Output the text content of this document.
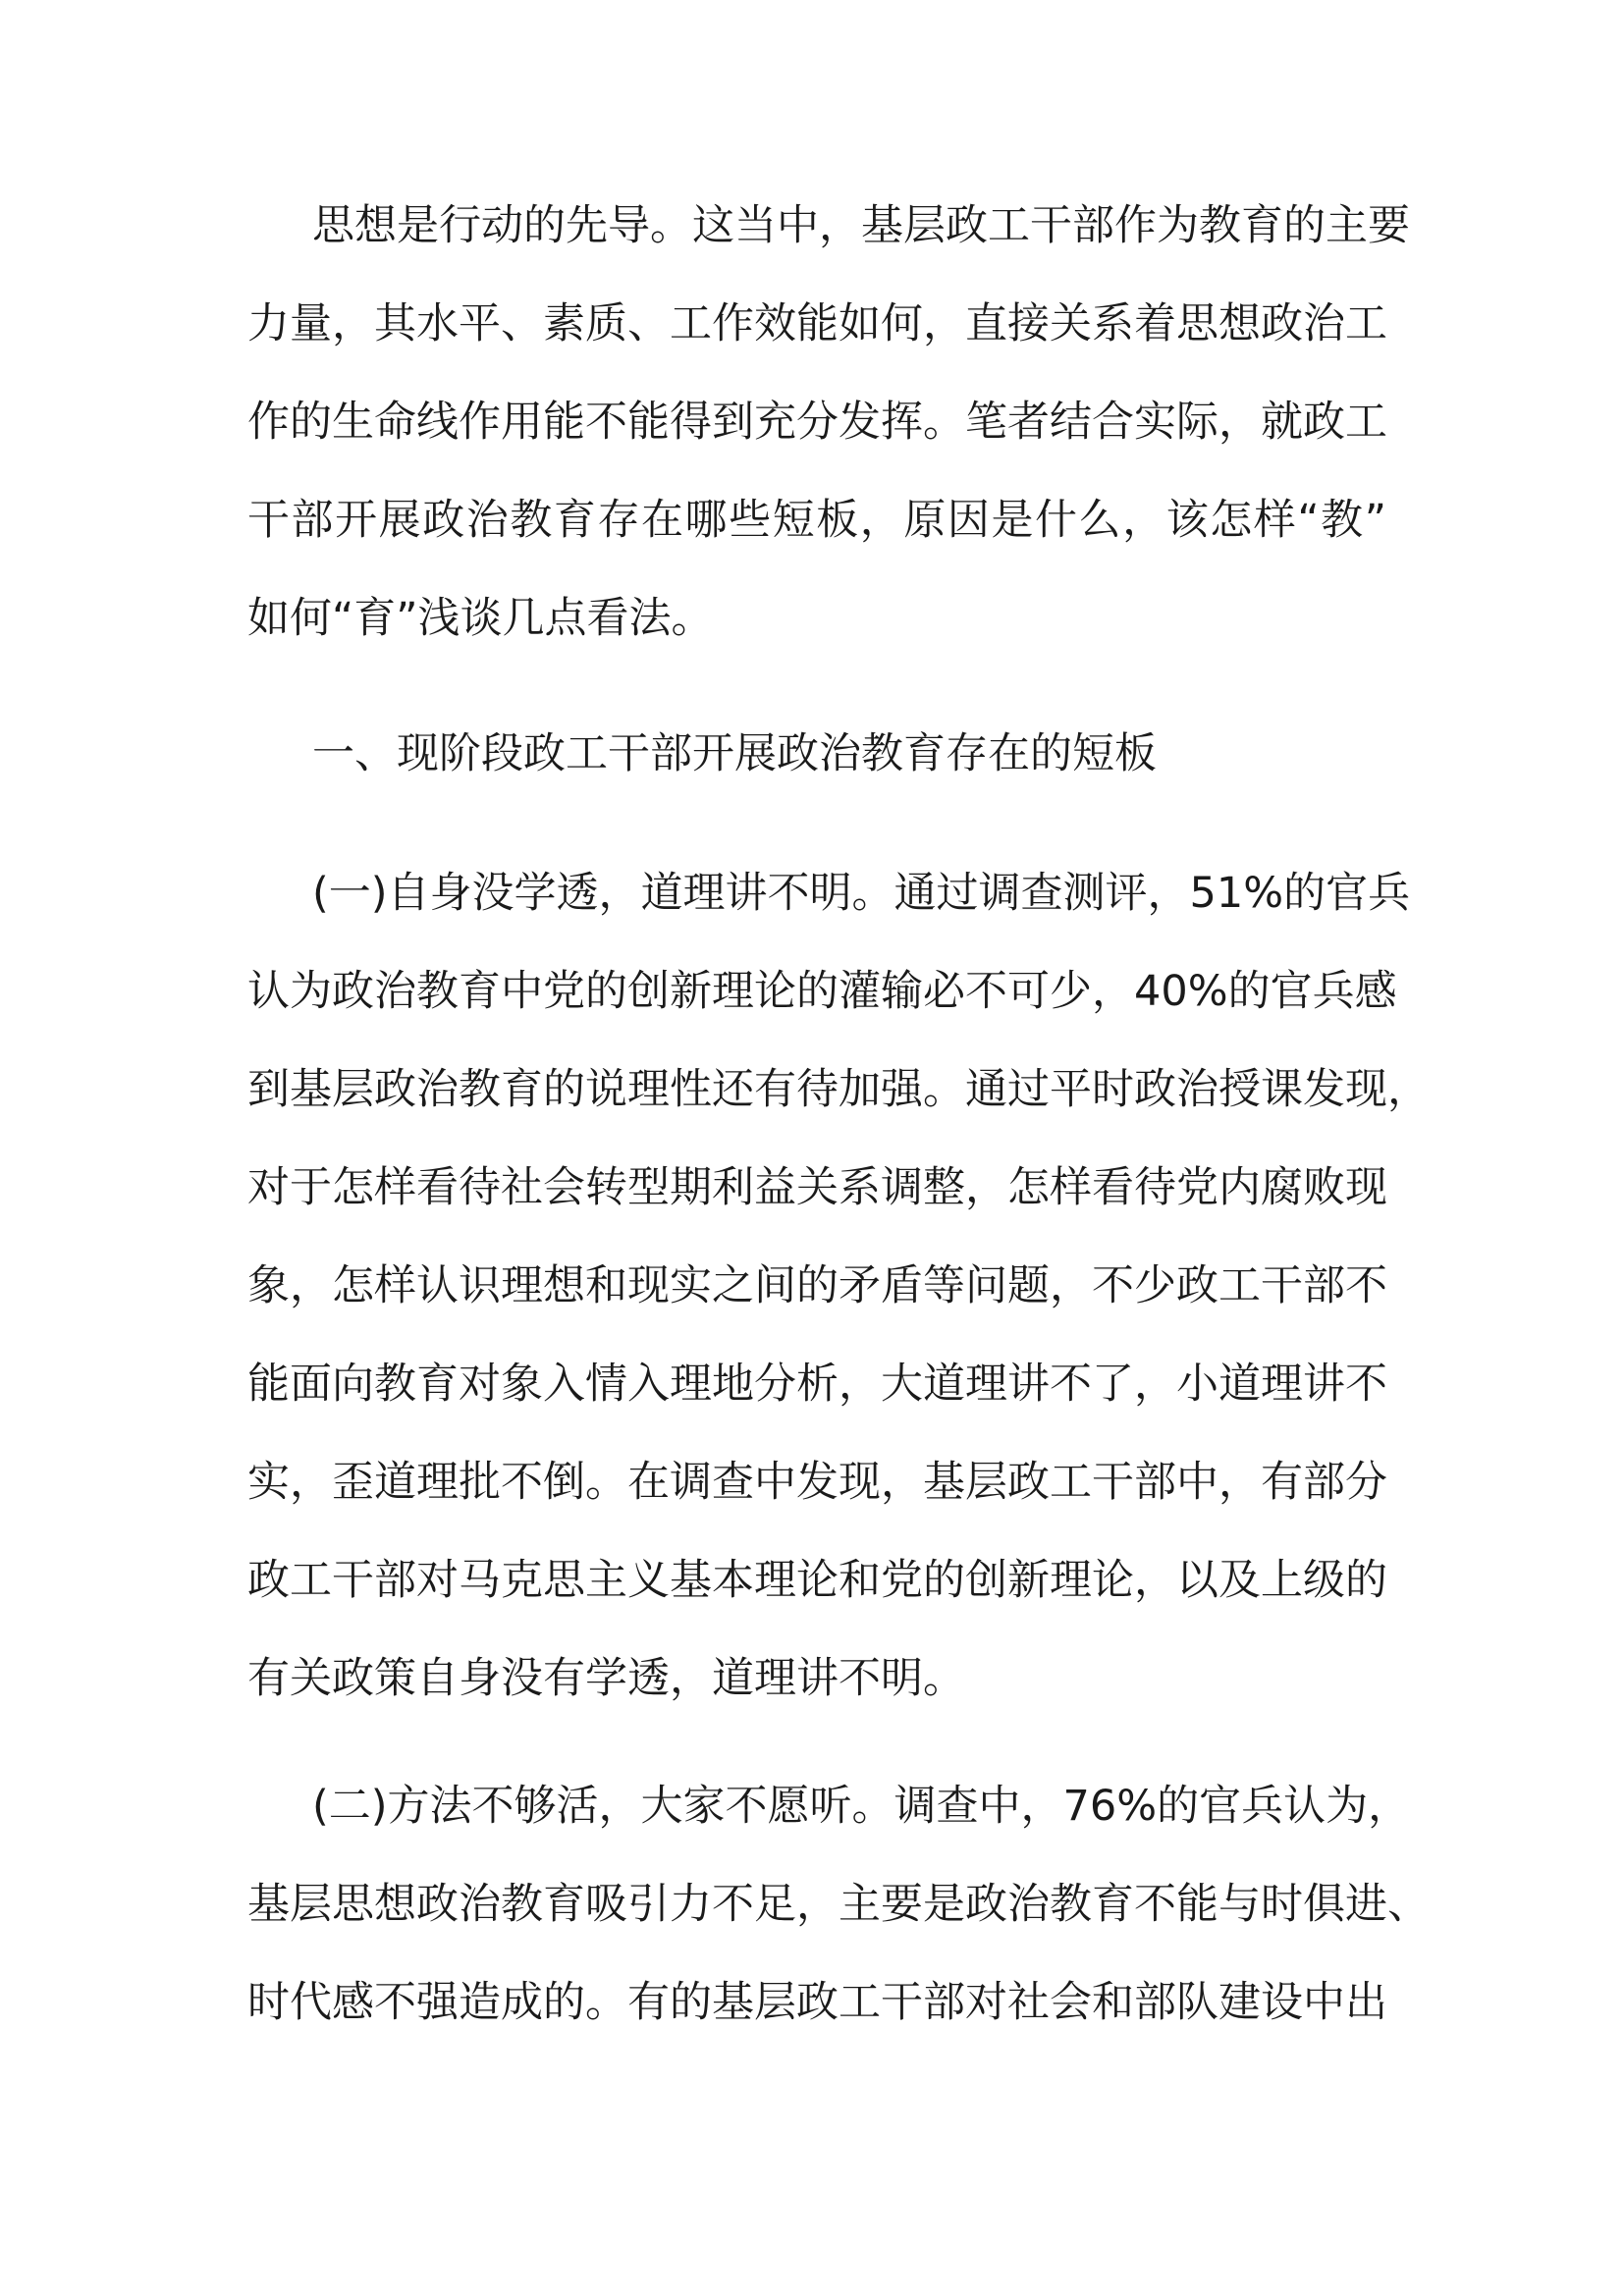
思想是行动的先导。这当中，基层政工干部作为教育的主要
力量，其水平、素质、工作效能如何，直接关系着思想政治工
作的生命线作用能不能得到充分发挥。笔者结合实际，就政工
干部开展政治教育存在哪些短板，原因是什么，该怎样“教”
如何“育”浅谈几点看法。
一、现阶段政工干部开展政治教育存在的短板
(一)自身没学透，道理讲不明。通过调查测评，51%的官兵
认为政治教育中党的创新理论的灌输必不可少，40%的官兵感
到基层政治教育的说理性还有待加强。通过平时政治授课发现，
对于怎样看待社会转型期利益关系调整，怎样看待党内腐败现
象，怎样认识理想和现实之间的矛盾等问题，不少政工干部不
能面向教育对象入情入理地分析，大道理讲不了，小道理讲不
实，歪道理批不倒。在调查中发现，基层政工干部中，有部分
政工干部对马克思主义基本理论和党的创新理论，以及上级的
有关政策自身没有学透，道理讲不明。
(二)方法不够活，大家不愿听。调查中，76%的官兵认为，
基层思想政治教育吸引力不足，主要是政治教育不能与时俱进、
时代感不强造成的。有的基层政工干部对社会和部队建设中出
